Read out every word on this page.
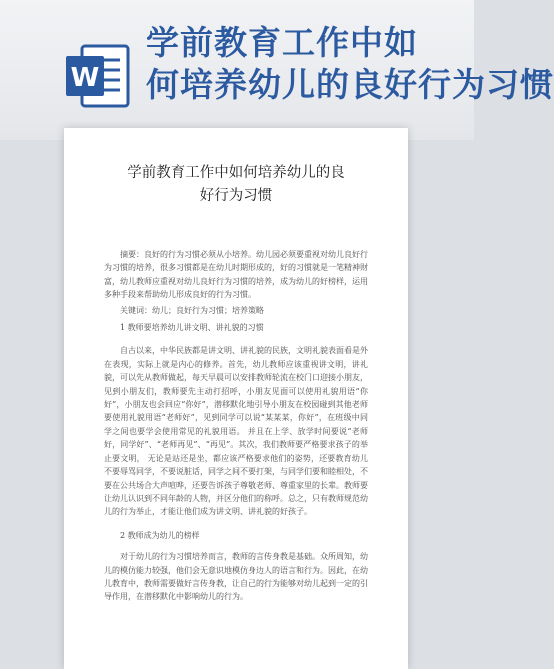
W
学前教育工作中如
何培养幼儿的良好行为习惯
学前教育工作中如何培养幼儿的良好行为习惯

摘要：良好的行为习惯必须从小培养。幼儿园必须要重视对幼儿良好行为习惯的培养，很多习惯都是在幼儿时期形成的，好的习惯就是一笔精神财富，幼儿教师应重视对幼儿良好行为习惯的培养，成为幼儿的好榜样，运用多种手段来帮助幼儿形成良好的行为习惯。

关键词：幼儿；良好行为习惯；培养策略

1 教师要培养幼儿讲文明、讲礼貌的习惯

自古以来，中华民族都是讲文明、讲礼貌的民族，文明礼貌表面看是外在表现，实际上就是内心的修养。首先，幼儿教师应该重视讲文明，讲礼貌，可以先从教师做起，每天早晨可以安排教师轮流在校门口迎接小朋友，见到小朋友们，教师要先主动打招呼，小朋友见面可以使用礼貌用语“你好”，小朋友也会回应“你好”，潜移默化地引导小朋友在校园碰到其他老师要使用礼貌用语“老师好”，见到同学可以说“某某某，你好”，在班级中同学之间也要学会使用常见的礼貌用语。 并且在上学、放学时间要说“老师好，同学好”、“老师再见”、“再见”。其次，我们教师要严格要求孩子的举止要文明， 无论是站还是坐，都应该严格要求他们的姿势，还要教育幼儿不要辱骂同学，不要说脏话，同学之间不要打架，与同学们要和睦相处，不要在公共场合大声喧哗，还要告诉孩子尊敬老师、尊重家里的长辈。教师要让幼儿认识到不同年龄的人物，并区分他们的称呼。总之，只有教师规范幼儿的行为举止，才能让他们成为讲文明、讲礼貌的好孩子。

2 教师成为幼儿的榜样

对于幼儿的行为习惯培养而言，教师的言传身教是基础。众所周知，幼儿的模仿能力较强，他们会无意识地模仿身边人的语言和行为。因此，在幼儿教育中，教师需要做好言传身教，让自己的行为能够对幼儿起到一定的引导作用，在潜移默化中影响幼儿的行为。
